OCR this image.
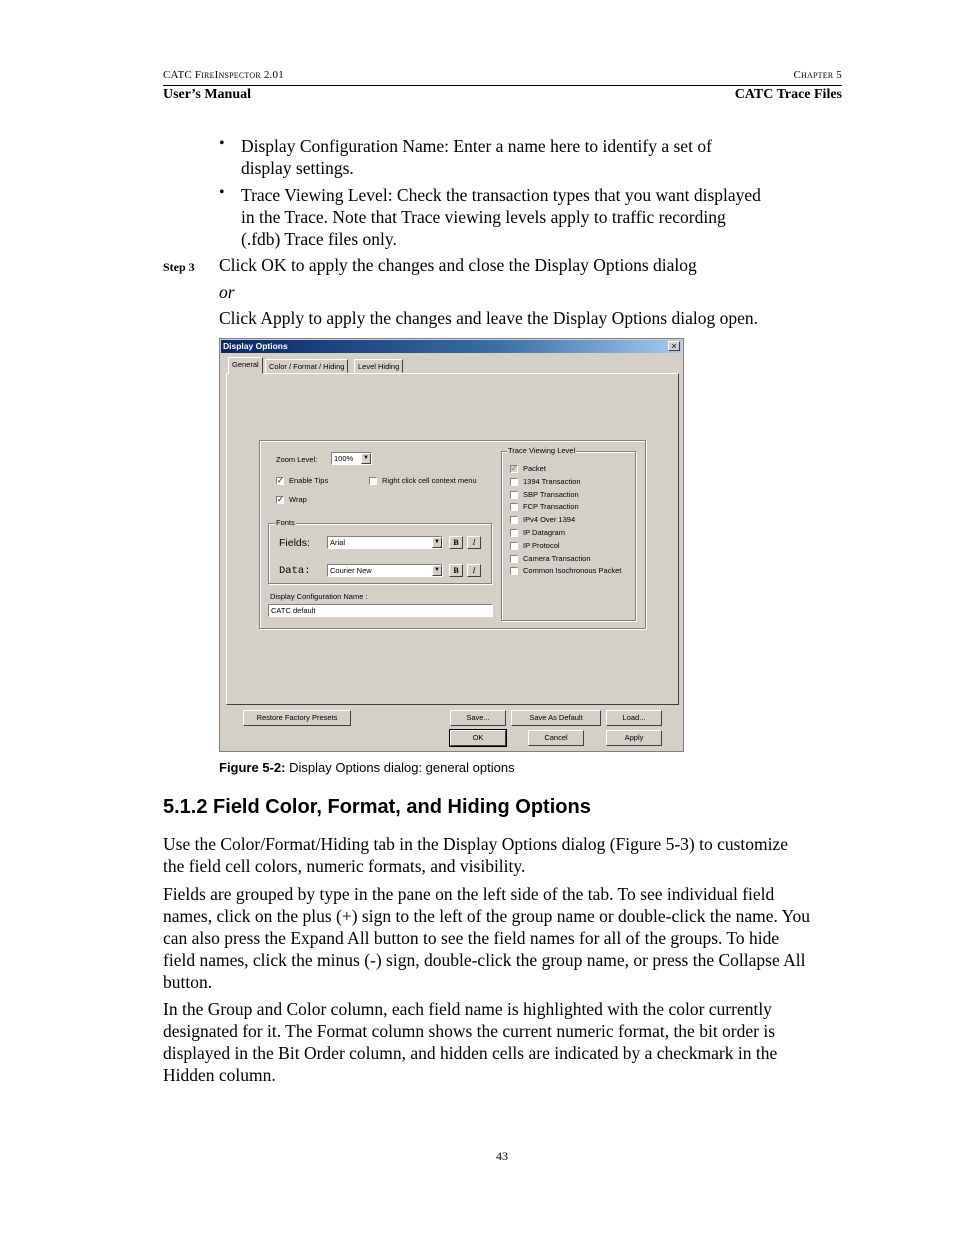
CATC FireInspector 2.01	Chapter 5
User’s Manual	CATC Trace Files
• Display Configuration Name: Enter a name here to identify a set of
display settings.
• Trace Viewing Level: Check the transaction types that you want displayed
in the Trace. Note that Trace viewing levels apply to traffic recording
(.fdb) Trace files only.
Step 3 Click OK to apply the changes and close the Display Options dialog
or
Click Apply to apply the changes and leave the Display Options dialog open.
Display Options	×
General	Color / Format / Hiding	Level Hiding
Zoom Level:	100%	▼
✓ Enable Tips	Right click cell context menu
✓ Wrap
Fonts
Fields:	Arial	▼	B	I
Data:	Courier New	▼	B	I
Display Configuration Name :
CATC default
Trace Viewing Level
✓ Packet
1394 Transaction
SBP Transaction
FCP Transaction
IPv4 Over 1394
IP Datagram
IP Protocol
Camera Transaction
Common Isochronous Packet
Restore Factory Presets	Save...	Save As Default	Load...
OK	Cancel	Apply
Figure 5-2: Display Options dialog: general options
5.1.2 Field Color, Format, and Hiding Options
Use the Color/Format/Hiding tab in the Display Options dialog (Figure 5-3) to customize
the field cell colors, numeric formats, and visibility.
Fields are grouped by type in the pane on the left side of the tab. To see individual field
names, click on the plus (+) sign to the left of the group name or double-click the name. You
can also press the Expand All button to see the field names for all of the groups. To hide
field names, click the minus (-) sign, double-click the group name, or press the Collapse All
button.
In the Group and Color column, each field name is highlighted with the color currently
designated for it. The Format column shows the current numeric format, the bit order is
displayed in the Bit Order column, and hidden cells are indicated by a checkmark in the
Hidden column.
43
